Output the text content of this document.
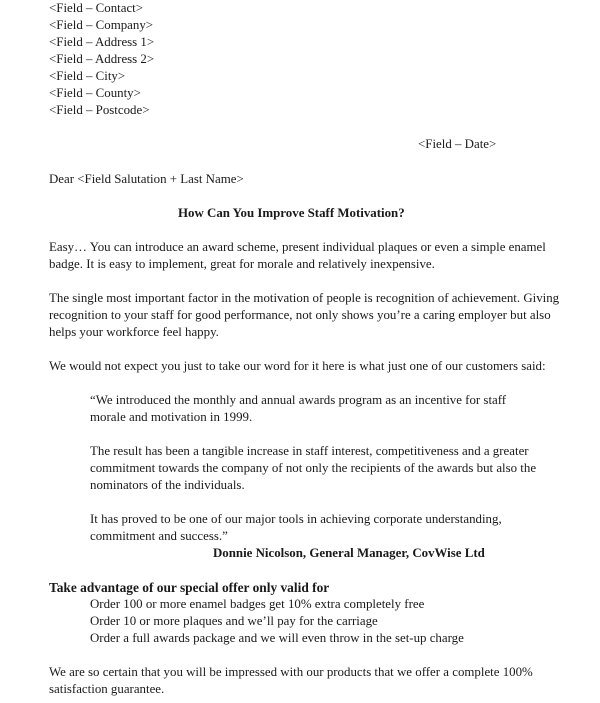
<Field – Contact>
<Field – Company>
<Field – Address 1>
<Field – Address 2>
<Field – City>
<Field – County>
<Field – Postcode>
<Field – Date>
Dear <Field Salutation + Last Name>
How Can You Improve Staff Motivation?
Easy… You can introduce an award scheme, present individual plaques or even a simple enamel badge. It is easy to implement, great for morale and relatively inexpensive.
The single most important factor in the motivation of people is recognition of achievement. Giving recognition to your staff for good performance, not only shows you’re a caring employer but also helps your workforce feel happy.
We would not expect you just to take our word for it here is what just one of our customers said:
“We introduced the monthly and annual awards program as an incentive for staff morale and motivation in 1999.
The result has been a tangible increase in staff interest, competitiveness and a greater commitment towards the company of not only the recipients of the awards but also the nominators of the individuals.
It has proved to be one of our major tools in achieving corporate understanding, commitment and success.”
Donnie Nicolson, General Manager, CovWise Ltd
Take advantage of our special offer only valid for
Order 100 or more enamel badges get 10% extra completely free
Order 10 or more plaques and we’ll pay for the carriage
Order a full awards package and we will even throw in the set-up charge
We are so certain that you will be impressed with our products that we offer a complete 100% satisfaction guarantee.
